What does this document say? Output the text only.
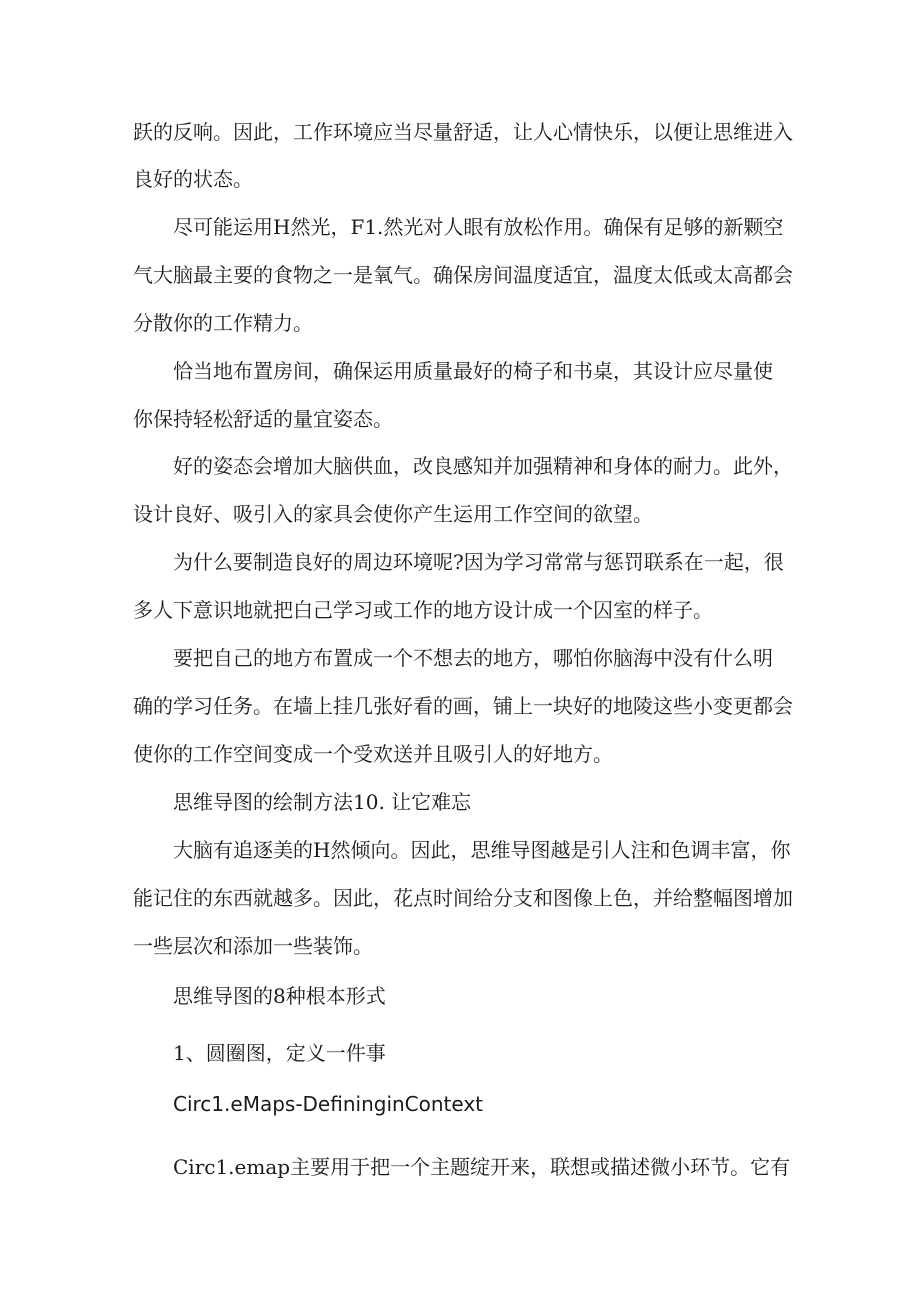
跃的反响。因此，工作环境应当尽量舒适，让人心情快乐，以便让思维进入
良好的状态。
尽可能运用H然光，F1.然光对人眼有放松作用。确保有足够的新颗空
气大脑最主要的食物之一是氧气。确保房间温度适宜，温度太低或太高都会
分散你的工作精力。
恰当地布置房间，确保运用质量最好的椅子和书桌，其设计应尽量使
你保持轻松舒适的量宜姿态。
好的姿态会增加大脑供血，改良感知并加强精神和身体的耐力。此外，
设计良好、吸引入的家具会使你产生运用工作空间的欲望。
为什么要制造良好的周边环境呢?因为学习常常与惩罚联系在一起，很
多人下意识地就把白己学习或工作的地方设计成一个囚室的样子。
要把自己的地方布置成一个不想去的地方，哪怕你脑海中没有什么明
确的学习任务。在墙上挂几张好看的画，铺上一块好的地陵这些小变更都会
使你的工作空间变成一个受欢送并且吸引人的好地方。
思维导图的绘制方法10. 让它难忘
大脑有追逐美的H然倾向。因此，思维导图越是引人注和色调丰富，你
能记住的东西就越多。因此，花点时间给分支和图像上色，并给整幅图增加
一些层次和添加一些装饰。
思维导图的8种根本形式
1、圆圈图，定义一件事
Circ1.eMaps-DefininginContext
Circ1.emap主要用于把一个主题绽开来，联想或描述微小环节。它有
